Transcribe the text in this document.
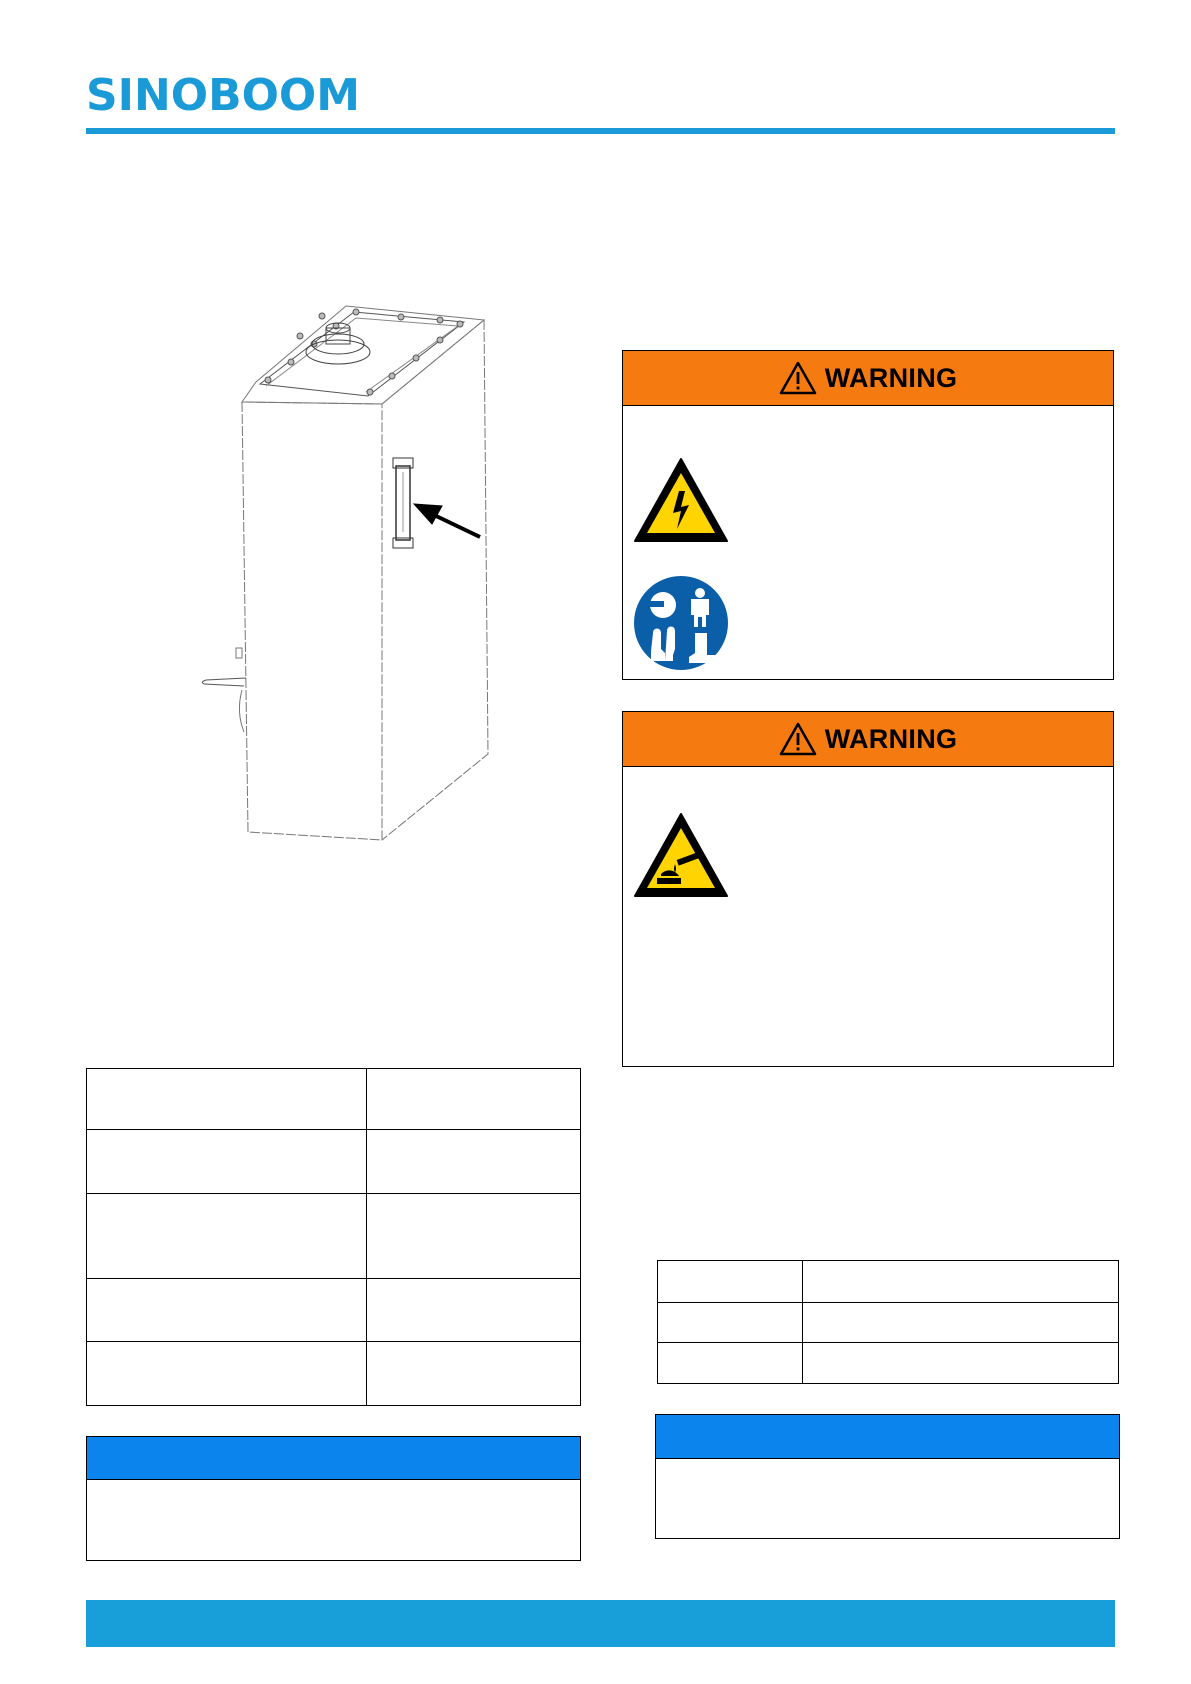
SINOBOOM
WARNING
WARNING
